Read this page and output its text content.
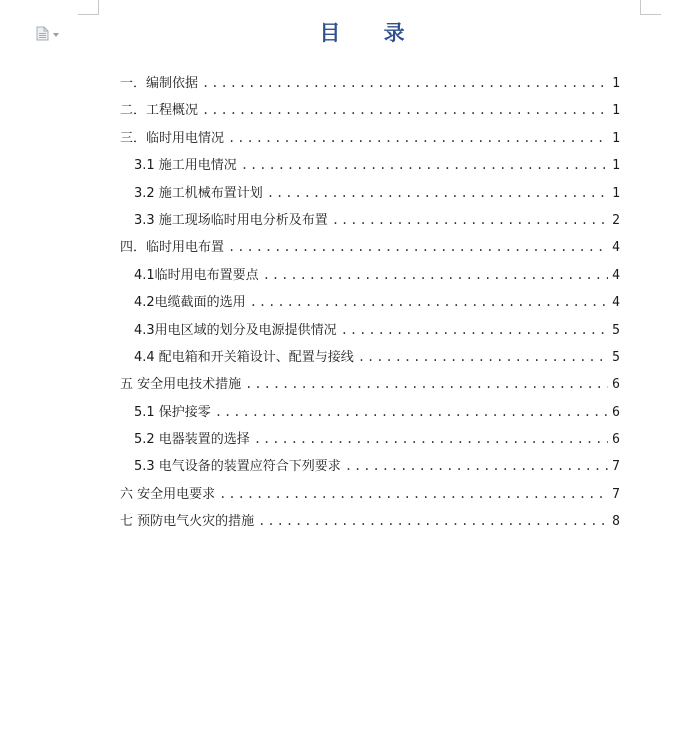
目 录
一．编制依据 .....	1
二．工程概况 .....	1
三．临时用电情况 .....	1
3.1 施工用电情况 .....	1
3.2 施工机械布置计划 .....	1
3.3 施工现场临时用电分析及布置 .....	2
四．临时用电布置 .....	4
4.1临时用电布置要点 .....	4
4.2电缆截面的选用 .....	4
4.3用电区域的划分及电源提供情况 .....	5
4.4 配电箱和开关箱设计、配置与接线 .....	5
五 安全用电技术措施 .....	6
5.1 保护接零 .....	6
5.2 电器装置的选择 .....	6
5.3 电气设备的装置应符合下列要求 .....	7
六 安全用电要求 .....	7
七 预防电气火灾的措施 .....	8
